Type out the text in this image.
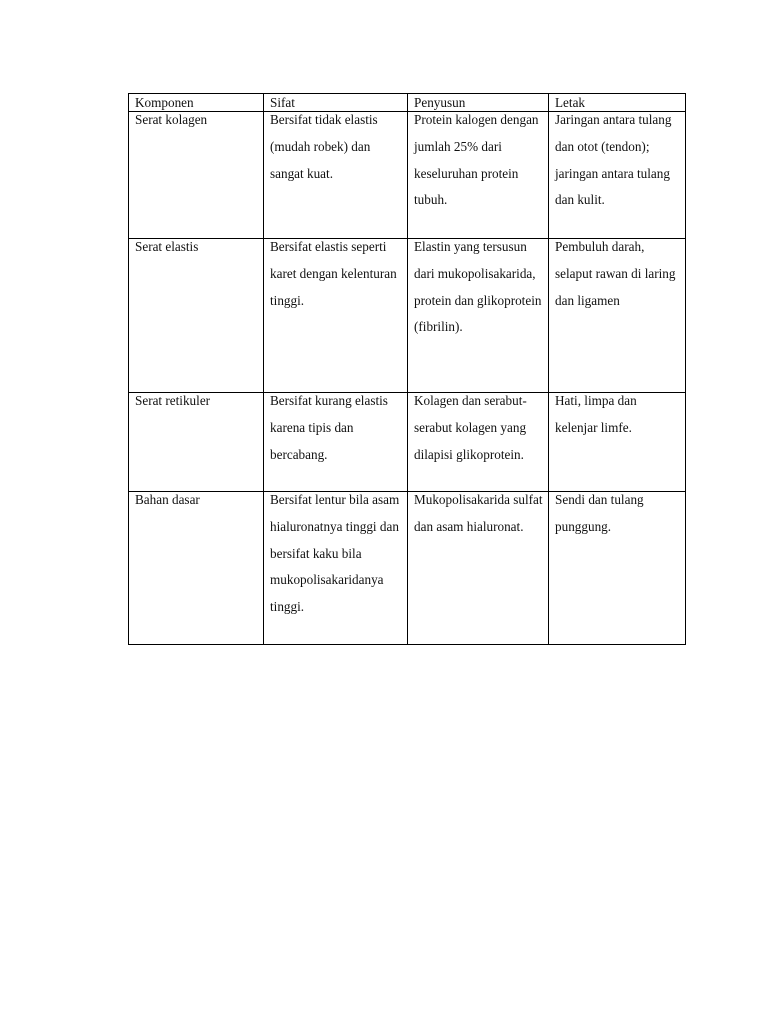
Komponen	Sifat	Penyusun	Letak

Serat kolagen	Bersifat tidak elastis (mudah robek) dan sangat kuat.	Protein kalogen dengan jumlah 25% dari keseluruhan protein tubuh.	Jaringan antara tulang dan otot (tendon); jaringan antara tulang dan kulit.

Serat elastis	Bersifat elastis seperti karet dengan kelenturan tinggi.	Elastin yang tersusun dari mukopolisakarida, protein dan glikoprotein (fibrilin).	Pembuluh darah, selaput rawan di laring dan ligamen

Serat retikuler	Bersifat kurang elastis karena tipis dan bercabang.	Kolagen dan serabut-serabut kolagen yang dilapisi glikoprotein.	Hati, limpa dan kelenjar limfe.

Bahan dasar	Bersifat lentur bila asam hialuronatnya tinggi dan bersifat kaku bila mukopolisakaridanya tinggi.	Mukopolisakarida sulfat dan asam hialuronat.	Sendi dan tulang punggung.
